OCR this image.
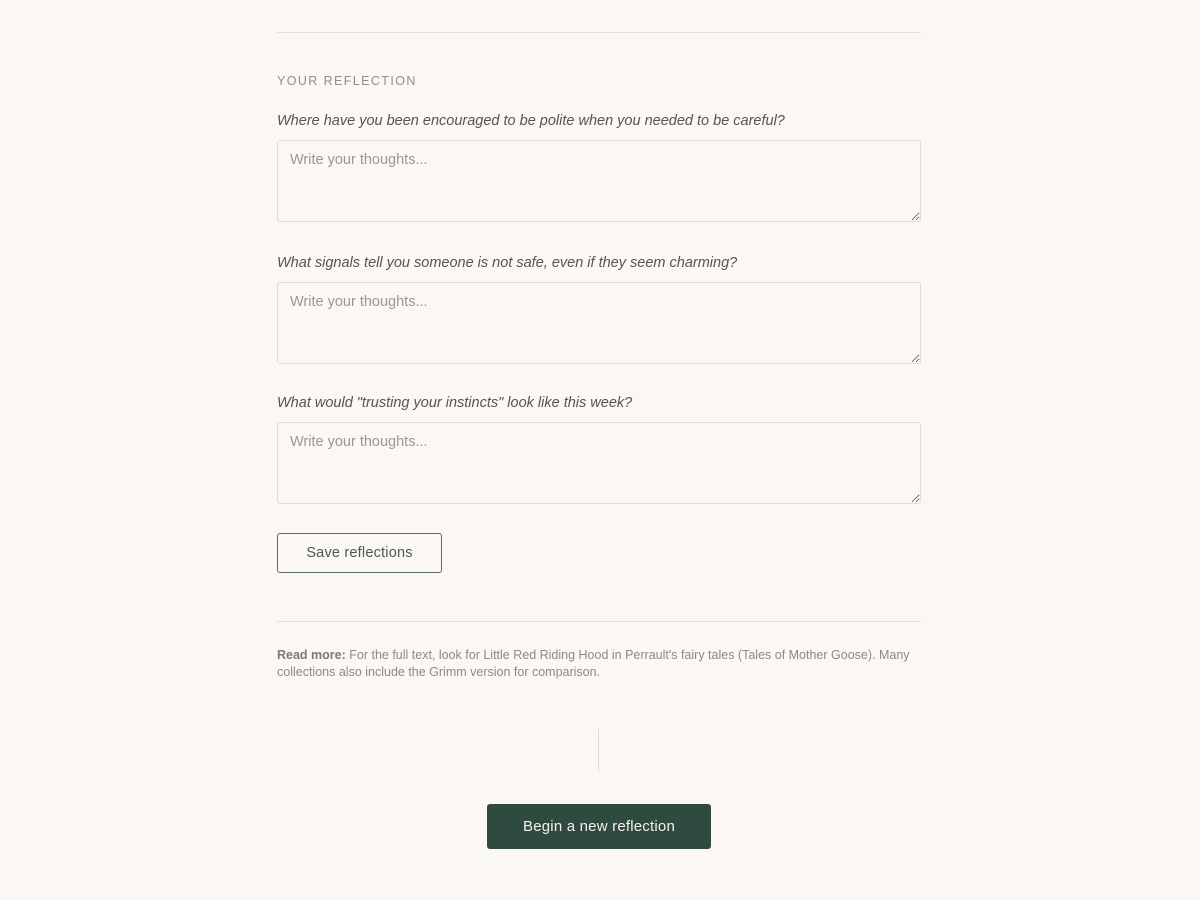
YOUR REFLECTION
Where have you been encouraged to be polite when you needed to be careful?
Write your thoughts...
What signals tell you someone is not safe, even if they seem charming?
Write your thoughts...
What would "trusting your instincts" look like this week?
Write your thoughts...
Save reflections
Read more: For the full text, look for Little Red Riding Hood in Perrault's fairy tales (Tales of Mother Goose). Many collections also include the Grimm version for comparison.
Begin a new reflection
